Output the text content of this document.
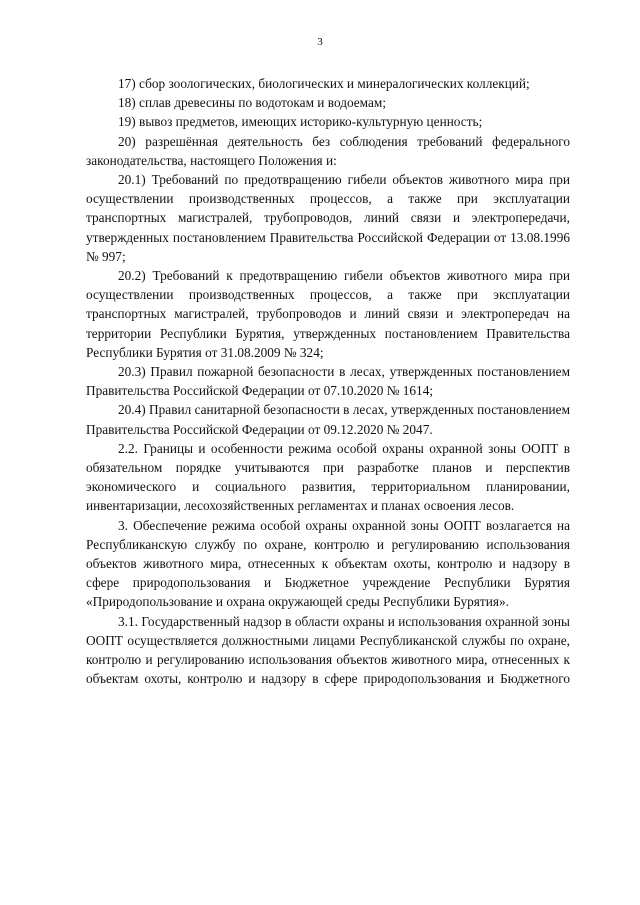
3

17) сбор зоологических, биологических и минералогических коллекций;

18) сплав древесины по водотокам и водоемам;

19) вывоз предметов, имеющих историко-культурную ценность;

20) разрешённая деятельность без соблюдения требований федерального законодательства, настоящего Положения и:

20.1) Требований по предотвращению гибели объектов животного мира при осуществлении производственных процессов, а также при эксплуатации транспортных магистралей, трубопроводов, линий связи и электропередачи, утвержденных постановлением Правительства Российской Федерации от 13.08.1996 № 997;

20.2) Требований к предотвращению гибели объектов животного мира при осуществлении производственных процессов, а также при эксплуатации транспортных магистралей, трубопроводов и линий связи и электропередач на территории Республики Бурятия, утвержденных постановлением Правительства Республики Бурятия от 31.08.2009 № 324;

20.3) Правил пожарной безопасности в лесах, утвержденных постановлением Правительства Российской Федерации от 07.10.2020 № 1614;

20.4) Правил санитарной безопасности в лесах, утвержденных постановлением Правительства Российской Федерации от 09.12.2020 № 2047.

2.2. Границы и особенности режима особой охраны охранной зоны ООПТ в обязательном порядке учитываются при разработке планов и перспектив экономического и социального развития, территориальном планировании, инвентаризации, лесохозяйственных регламентах и планах освоения лесов.

3. Обеспечение режима особой охраны охранной зоны ООПТ возлагается на Республиканскую службу по охране, контролю и регулированию использования объектов животного мира, отнесенных к объектам охоты, контролю и надзору в сфере природопользования и Бюджетное учреждение Республики Бурятия «Природопользование и охрана окружающей среды Республики Бурятия».

3.1. Государственный надзор в области охраны и использования охранной зоны ООПТ осуществляется должностными лицами Республиканской службы по охране, контролю и регулированию использования объектов животного мира, отнесенных к объектам охоты, контролю и надзору в сфере природопользования и Бюджетного
